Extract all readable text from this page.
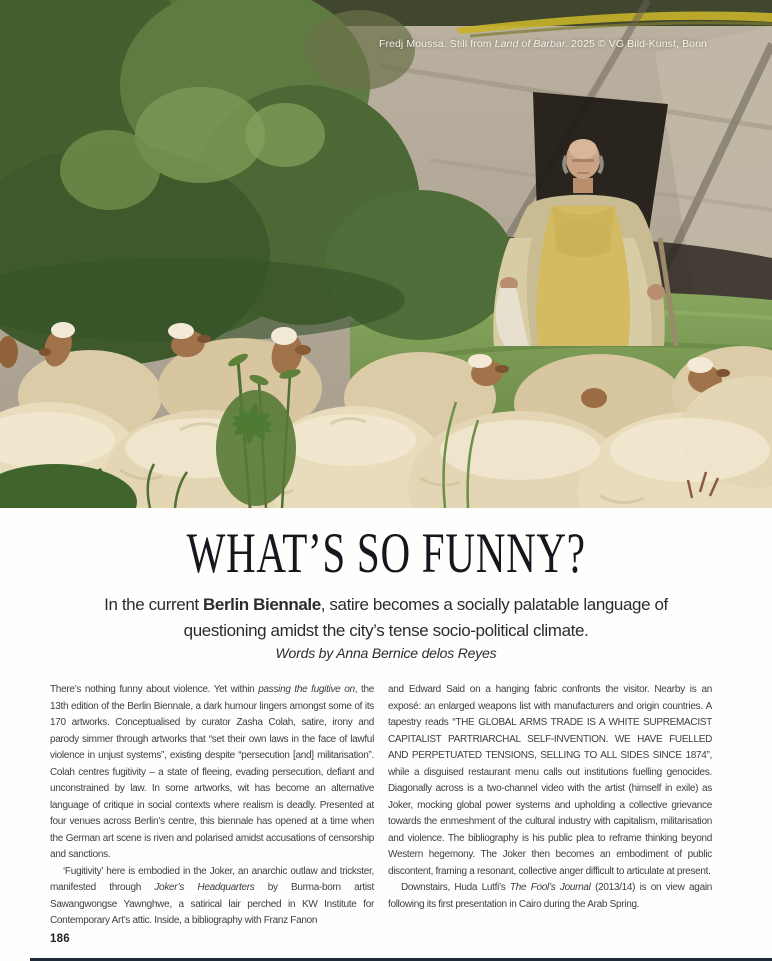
Fredj Moussa. Still from Land of Barbar. 2025 © VG Bild-Kunst, Bonn
WHAT’S SO FUNNY?
In the current Berlin Biennale, satire becomes a socially palatable language of
questioning amidst the city’s tense socio-political climate.
Words by Anna Bernice delos Reyes

There’s nothing funny about violence. Yet within passing the fugitive on, the 13th edition of the Berlin Biennale, a dark humour lingers amongst some of its 170 artworks. Conceptualised by curator Zasha Colah, satire, irony and parody simmer through artworks that “set their own laws in the face of lawful violence in unjust systems”, existing despite “persecution [and] militarisation”. Colah centres fugitivity – a state of fleeing, evading persecution, defiant and unconstrained by law. In some artworks, wit has become an alternative language of critique in social contexts where realism is deadly. Presented at four venues across Berlin’s centre, this biennale has opened at a time when the German art scene is riven and polarised amidst accusations of censorship and sanctions.

‘Fugitivity’ here is embodied in the Joker, an anarchic outlaw and trickster, manifested through Joker’s Headquarters by Burma-born artist Sawangwongse Yawnghwe, a satirical lair perched in KW Institute for Contemporary Art’s attic. Inside, a bibliography with Franz Fanon

and Edward Said on a hanging fabric confronts the visitor. Nearby is an exposé: an enlarged weapons list with manufacturers and origin countries. A tapestry reads “THE GLOBAL ARMS TRADE IS A WHITE SUPREMACIST CAPITALIST PARTRIARCHAL SELF-INVENTION. WE HAVE FUELLED AND PERPETUATED TENSIONS, SELLING TO ALL SIDES SINCE 1874”, while a disguised restaurant menu calls out institutions fuelling genocides. Diagonally across is a two-channel video with the artist (himself in exile) as Joker, mocking global power systems and upholding a collective grievance towards the enmeshment of the cultural industry with capitalism, militarisation and violence. The bibliography is his public plea to reframe thinking beyond Western hegemony. The Joker then becomes an embodiment of public discontent, framing a resonant, collective anger difficult to articulate at present.

Downstairs, Huda Lutfi’s The Fool’s Journal (2013/14) is on view again following its first presentation in Cairo during the Arab Spring.

186
